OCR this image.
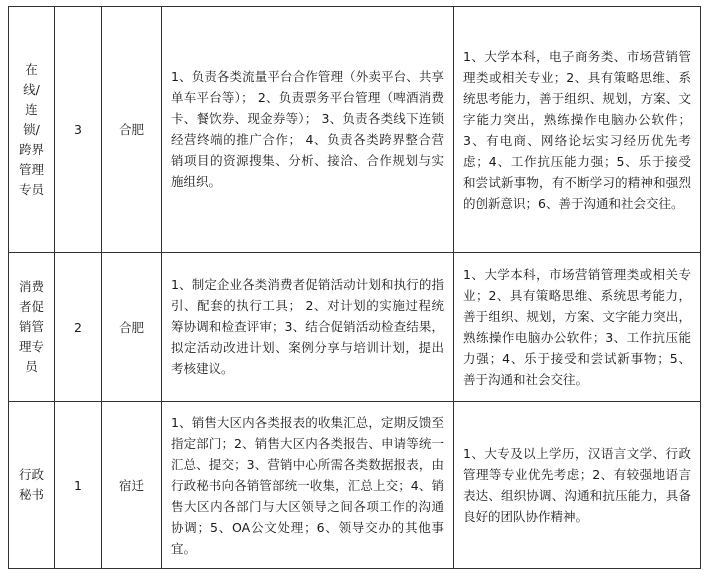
在线/连锁/跨界管理专员	3	合肥	1、负责各类流量平台合作管理（外卖平台、共享单车平台等）； 2、负责票务平台管理（啤酒消费卡、餐饮券、现金券等）； 3、负责各类线下连锁经营终端的推广合作； 4、负责各类跨界整合营销项目的资源搜集、分析、接洽、合作规划与实施组织。	1、大学本科，电子商务类、市场营销管理类或相关专业；2、具有策略思维、系统思考能力，善于组织、规划，方案、文字能力突出，熟练操作电脑办公软件；3、有电商、网络论坛实习经历优先考虑；4、工作抗压能力强；5、乐于接受和尝试新事物，有不断学习的精神和强烈的创新意识；6、善于沟通和社会交往。
消费者促销管理专员	2	合肥	1、制定企业各类消费者促销活动计划和执行的指引、配套的执行工具； 2、对计划的实施过程统筹协调和检查评审；3、结合促销活动检查结果，拟定活动改进计划、案例分享与培训计划，提出考核建议。	1、大学本科，市场营销管理类或相关专业；2、具有策略思维、系统思考能力，善于组织、规划，方案、文字能力突出，熟练操作电脑办公软件；3、工作抗压能力强；4、乐于接受和尝试新事物；5、善于沟通和社会交往。
行政秘书	1	宿迁	1、销售大区内各类报表的收集汇总，定期反馈至指定部门；2、销售大区内各类报告、申请等统一汇总、提交；3、营销中心所需各类数据报表，由行政秘书向各销管部统一收集，汇总上交；4、销售大区内各部门与大区领导之间各项工作的沟通协调；5、OA公文处理；6、领导交办的其他事宜。	1、大专及以上学历，汉语言文学、行政管理等专业优先考虑；2、有较强地语言表达、组织协调、沟通和抗压能力，具备良好的团队协作精神。
